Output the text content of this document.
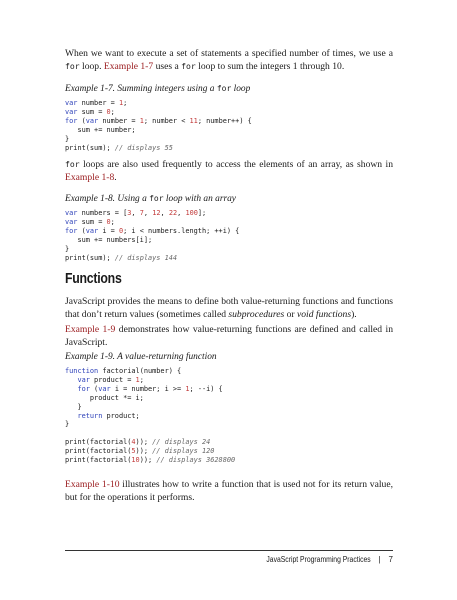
When we want to execute a set of statements a specified number of times, we use a for loop. Example 1-7 uses a for loop to sum the integers 1 through 10.

Example 1-7. Summing integers using a for loop

var number = 1;
var sum = 0;
for (var number = 1; number < 11; number++) {
sum += number;
}
print(sum); // displays 55

for loops are also used frequently to access the elements of an array, as shown in Example 1-8.

Example 1-8. Using a for loop with an array

var numbers = [3, 7, 12, 22, 100];
var sum = 0;
for (var i = 0; i < numbers.length; ++i) {
sum += numbers[i];
}
print(sum); // displays 144
Functions

JavaScript provides the means to define both value-returning functions and functions that don’t return values (sometimes called subprocedures or void functions).

Example 1-9 demonstrates how value-returning functions are defined and called in JavaScript.

Example 1-9. A value-returning function

function factorial(number) {
var product = 1;
for (var i = number; i >= 1; --i) {
product *= i;
}
return product;
}

print(factorial(4)); // displays 24
print(factorial(5)); // displays 120
print(factorial(10)); // displays 3628800

Example 1-10 illustrates how to write a function that is used not for its return value, but for the operations it performs.

JavaScript Programming Practices | 7
